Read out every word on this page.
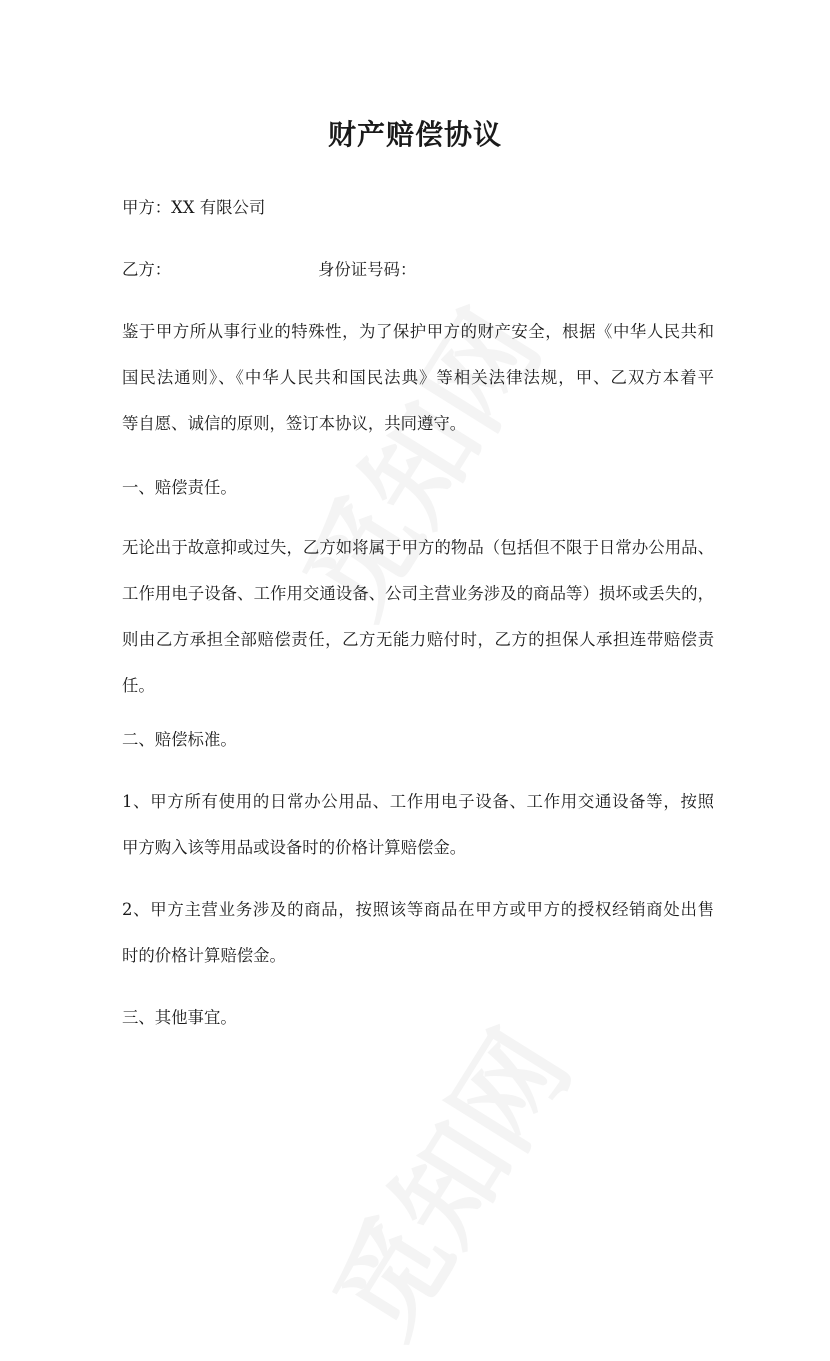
财产赔偿协议
甲方：XX 有限公司
乙方：	身份证号码：
鉴于甲方所从事行业的特殊性，为了保护甲方的财产安全，根据《中华人民共和
国民法通则》、《中华人民共和国民法典》等相关法律法规，甲、乙双方本着平
等自愿、诚信的原则，签订本协议，共同遵守。
一、赔偿责任。
无论出于故意抑或过失，乙方如将属于甲方的物品（包括但不限于日常办公用品、
工作用电子设备、工作用交通设备、公司主营业务涉及的商品等）损坏或丢失的，
则由乙方承担全部赔偿责任，乙方无能力赔付时，乙方的担保人承担连带赔偿责
任。
二、赔偿标准。
1、甲方所有使用的日常办公用品、工作用电子设备、工作用交通设备等，按照
甲方购入该等用品或设备时的价格计算赔偿金。
2、甲方主营业务涉及的商品，按照该等商品在甲方或甲方的授权经销商处出售
时的价格计算赔偿金。
三、其他事宜。
